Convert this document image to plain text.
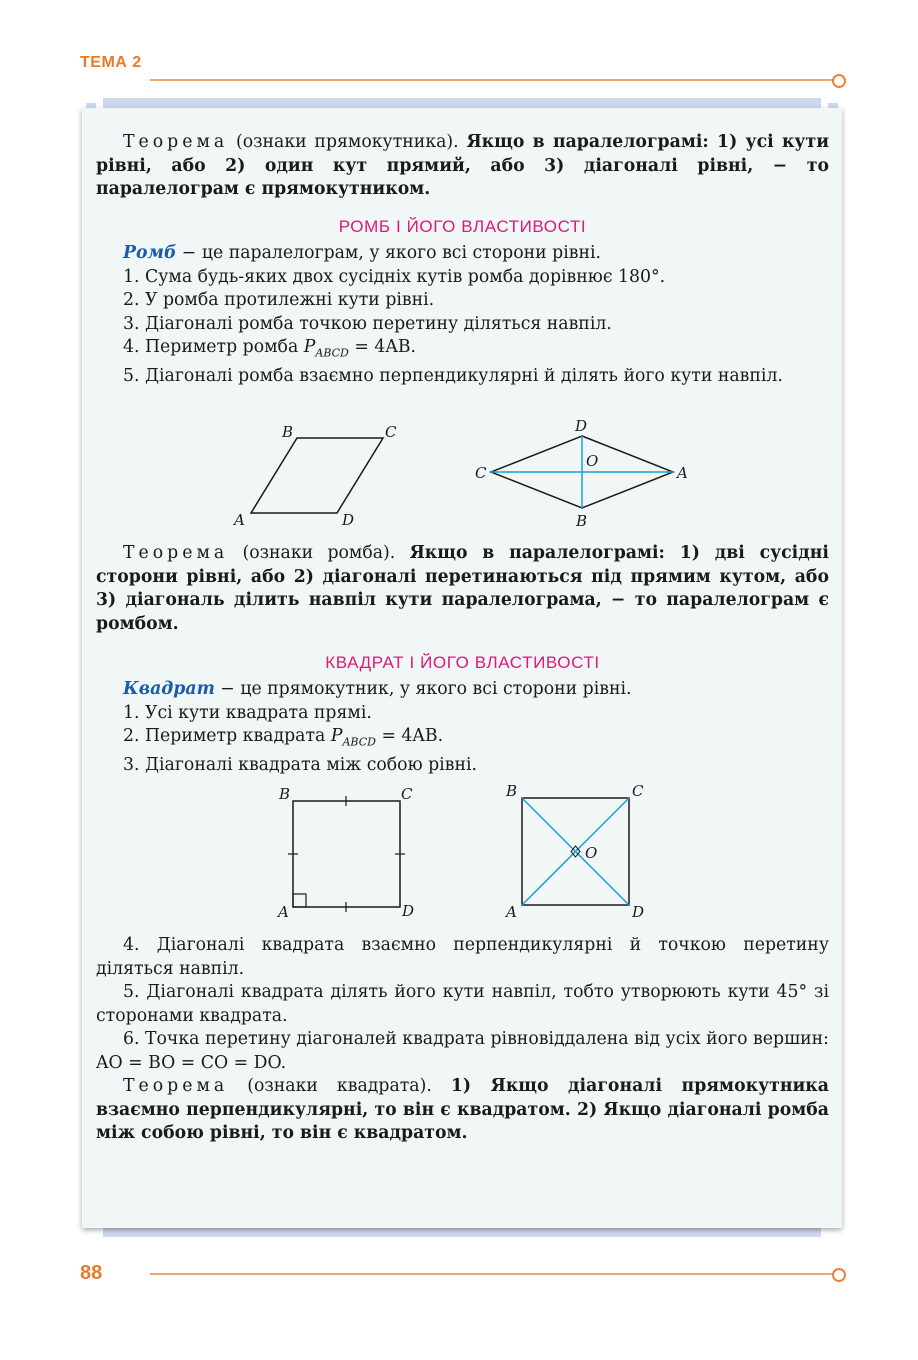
ТЕМА 2

Теорема (ознаки прямокутника). Якщо в паралелограмі: 1) усі кути рівні, або 2) один кут прямий, або 3) діагоналі рівні, − то паралелограм є прямокутником.

РОМБ І ЙОГО ВЛАСТИВОСТІ

Ромб − це паралелограм, у якого всі сторони рівні.

1. Сума будь-яких двох сусідніх кутів ромба дорівнює 180°.

2. У ромба протилежні кути рівні.

3. Діагоналі ромба точкою перетину діляться навпіл.

4. Периметр ромба $P_{ABCD} = 4AB$.

5. Діагоналі ромба взаємно перпендикулярні й ділять його кути навпіл.

B	C
A	D
D
C	A
B
O

Теорема (ознаки ромба). Якщо в паралелограмі: 1) дві сусідні сторони рівні, або 2) діагоналі перетинаються під прямим кутом, або 3) діагональ ділить навпіл кути паралелограма, − то паралелограм є ромбом.

КВАДРАТ І ЙОГО ВЛАСТИВОСТІ

Квадрат − це прямокутник, у якого всі сторони рівні.

1. Усі кути квадрата прямі.

2. Периметр квадрата $P_{ABCD} = 4AB$.

3. Діагоналі квадрата між собою рівні.

B	C
A	D
B	C
A	D
O

4. Діагоналі квадрата взаємно перпендикулярні й точкою перетину діляться навпіл.

5. Діагоналі квадрата ділять його кути навпіл, тобто утворюють кути 45° зі сторонами квадрата.

6. Точка перетину діагоналей квадрата рівновіддалена від усіх його вершин: AO = BO = CO = DO.

Теорема (ознаки квадрата). 1) Якщо діагоналі прямокутника взаємно перпендикулярні, то він є квадратом. 2) Якщо діагоналі ромба між собою рівні, то він є квадратом.

88
